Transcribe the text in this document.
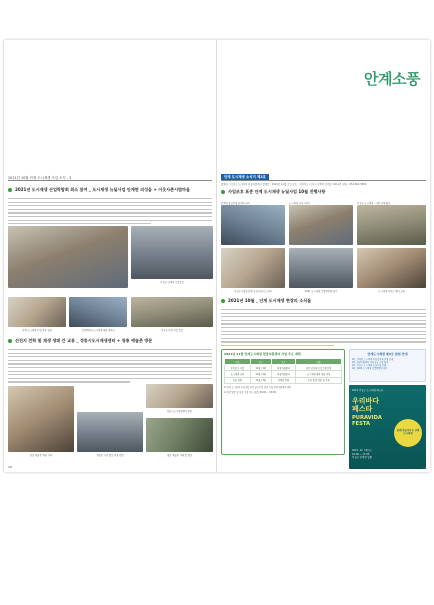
2021년 10월 안계 도시재생 사업 소식 - 3
2021년 도시재생 산업박람회 최소 참여 _ 도시재생 뉴딜사업 안계면 의성읍 + 이웃사촌시범마을
의성군 안계면 사업홍보
안계 도시재생 사업 현장 설명	산업박람회 도시재생 체험 세미나	의성군 안계 사업 홍보
선진지 견학 및 재생 생태 간 교류 _ 정릉시도시재생센터 + 청룡 예술촌 방문
청룡 예술촌 벽화 거리	정릉동 시장 활동 현장 탐방
정릉시도시재생센터 방문
청룡 예술촌 카페 앞 방문
28
안계소풍
안계 도시재생 소식지 제2호
발행처 : 의성군 도시재생 현장지원센터 발행일 : 2021년 11월 호일 주소 : 경상북도 의성군 안계면 안계길 146-2층 전화 : 054-862-5889
사업조호 표준 안계 도시재생 뉴딜사업 10월 진행사항
안계면 통합운영 관계자 회의	도시재생 교육 / 회의	의성군 도시재생 - 사업 단체 활동
의성도시재생 관계 공공서포터스 회의	2021 도시재생 산업박람회 참가	도시재생 가이드 예비 교육
2021년 10월 _ 안계 도시재생 현장의 소식들
2021년 11월 안계도시재생 현장지원센터 사업 주요 계획
구분	일시	장소	내용
주민공모 사업	11월 / 1회	현장지원센터	주민 공동체 프로그램 운영
도시재생 교육	11월 / 2회	현장지원센터	도시재생 대학 심화 과정
마을 탐방	11월 / 3회	안계면 일원	주민 현장 탐방 및 기록
※ 안계 도시재생 뉴딜사업 주민 공모사업 참여 신청 현장지원센터 방문
※ 현장 방문 및 상담 신청 가능 (평일 09:00 ~ 18:00)
안계도시재생 제2호 관련 안내
01_ 안계면 도시재생 주민협의체 운영 안내
02_ 현장지원센터 주민공모 사업 참여
03_ 의성군 도시재생 뉴딜사업 진행
04_ 2021 도시재생 산업박람회 참가
2021 의성군 도시재생 페스타
우리바다
페스타
PURAVIDA
FESTA
함께 만들어가는 안계 도시재생
2021. 11. 13(토)
10:00 ~ 17:00
의성군 안계면 일원
27
